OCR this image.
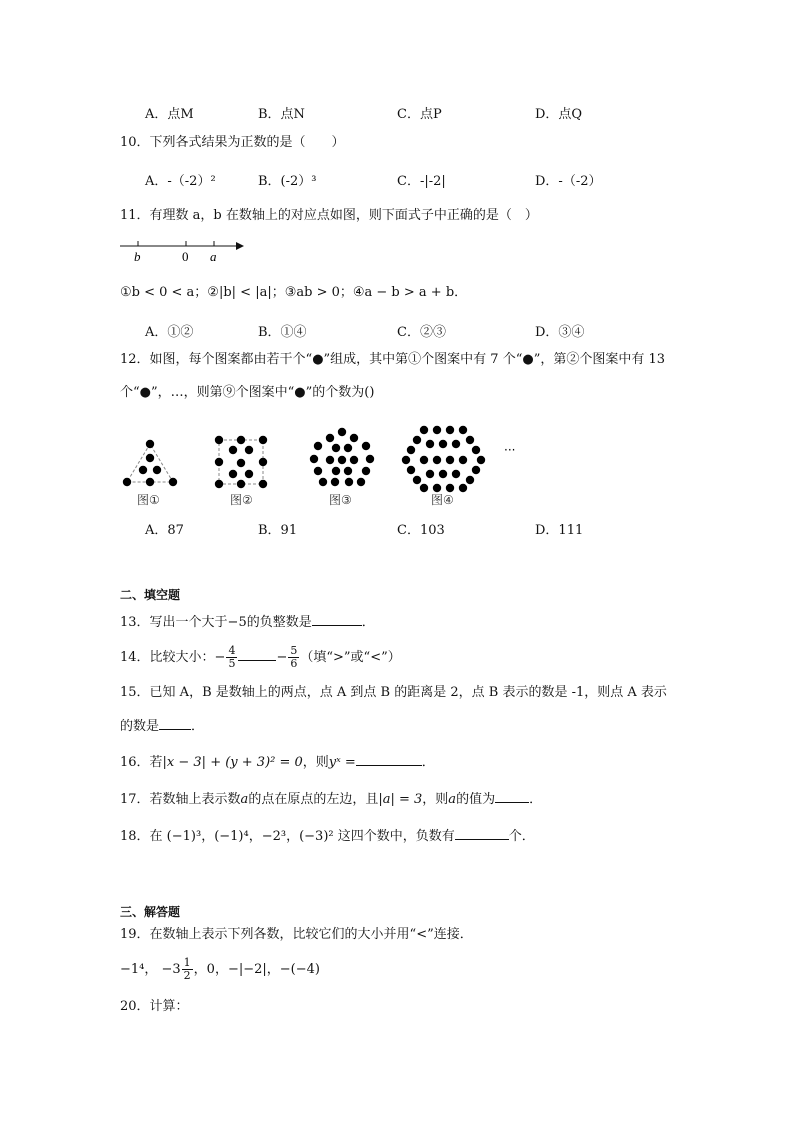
A．点M	B．点N	C．点P	D．点Q
10．下列各式结果为正数的是（　　）
A．-（-2）²	B．(-2）³	C．-|-2|	D．-（-2）
11．有理数 a，b 在数轴上的对应点如图，则下面式子中正确的是（　）
b	0 a
①b < 0 < a；②|b| < |a|；③ab > 0；④a − b > a + b．
A．①②	B．①④	C．②③	D．③④
12．如图，每个图案都由若干个“●”组成，其中第①个图案中有 7 个“●”，第②个图案中有 13
个“●”，…，则第⑨个图案中“●”的个数为()
···
图①	图②	图③	图④
A．87	B．91	C．103	D．111
二、填空题
13．写出一个大于−5的负整数是	．
14．比较大小：− $\frac{4}{5}$	− $\frac{5}{6}$ （填“>”或“<”）
15．已知 A，B 是数轴上的两点，点 A 到点 B 的距离是 2，点 B 表示的数是 -1，则点 A 表示
的数是 ．
16．若|x − 3| + (y + 3)² = 0，则yˣ =	．
17．若数轴上表示数a的点在原点的左边，且|a| = 3，则a的值为	．
18．在 (−1)³，(−1)⁴，−2³，(−3)² 这四个数中，负数有	个．
三、解答题
19．在数轴上表示下列各数，比较它们的大小并用“<”连接．
−1⁴， $-3 \frac{1}{2}$ ，0，−|−2|，−(−4)
20．计算：
